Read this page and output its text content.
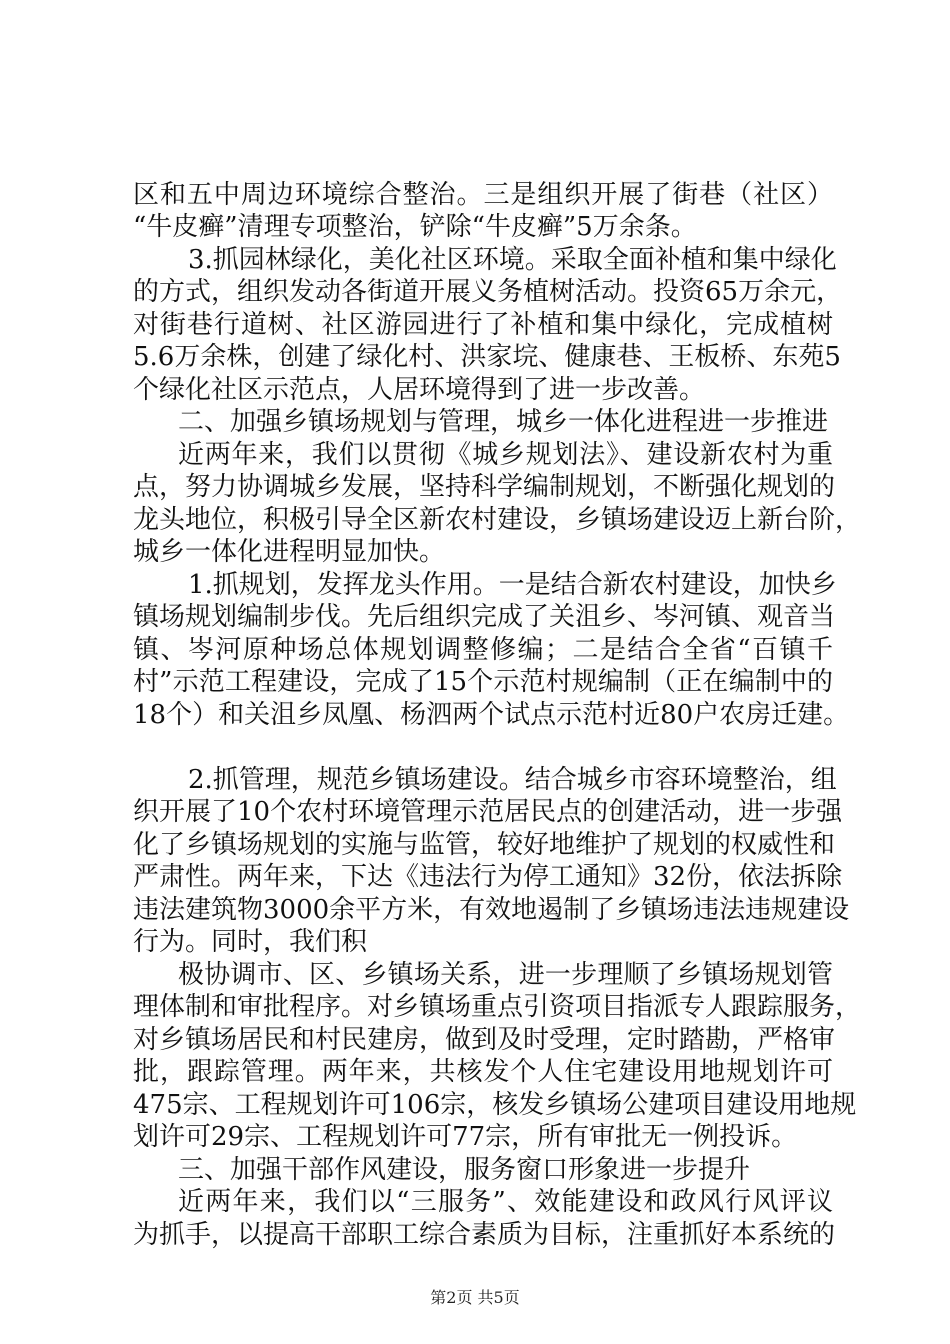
区和五中周边环境综合整治。三是组织开展了街巷（社区）
“牛皮癣”清理专项整治，铲除“牛皮癣”5万余条。
3.抓园林绿化，美化社区环境。采取全面补植和集中绿化
的方式，组织发动各街道开展义务植树活动。投资65万余元，
对街巷行道树、社区游园进行了补植和集中绿化，完成植树
5.6万余株，创建了绿化村、洪家垸、健康巷、王板桥、东苑5
个绿化社区示范点，人居环境得到了进一步改善。
二、加强乡镇场规划与管理，城乡一体化进程进一步推进
近两年来，我们以贯彻《城乡规划法》、建设新农村为重
点，努力协调城乡发展，坚持科学编制规划，不断强化规划的
龙头地位，积极引导全区新农村建设，乡镇场建设迈上新台阶，
城乡一体化进程明显加快。
1.抓规划，发挥龙头作用。一是结合新农村建设，加快乡
镇场规划编制步伐。先后组织完成了关沮乡、岑河镇、观音当
镇、岑河原种场总体规划调整修编；二是结合全省“百镇千
村”示范工程建设，完成了15个示范村规编制（正在编制中的
18个）和关沮乡凤凰、杨泗两个试点示范村近80户农房迁建。
2.抓管理，规范乡镇场建设。结合城乡市容环境整治，组
织开展了10个农村环境管理示范居民点的创建活动，进一步强
化了乡镇场规划的实施与监管，较好地维护了规划的权威性和
严肃性。两年来，下达《违法行为停工通知》32份，依法拆除
违法建筑物3000余平方米，有效地遏制了乡镇场违法违规建设
行为。同时，我们积
极协调市、区、乡镇场关系，进一步理顺了乡镇场规划管
理体制和审批程序。对乡镇场重点引资项目指派专人跟踪服务，
对乡镇场居民和村民建房，做到及时受理，定时踏勘，严格审
批，跟踪管理。两年来，共核发个人住宅建设用地规划许可
475宗、工程规划许可106宗，核发乡镇场公建项目建设用地规
划许可29宗、工程规划许可77宗，所有审批无一例投诉。
三、加强干部作风建设，服务窗口形象进一步提升
近两年来，我们以“三服务”、效能建设和政风行风评议
为抓手，以提高干部职工综合素质为目标，注重抓好本系统的
第2页 共5页
